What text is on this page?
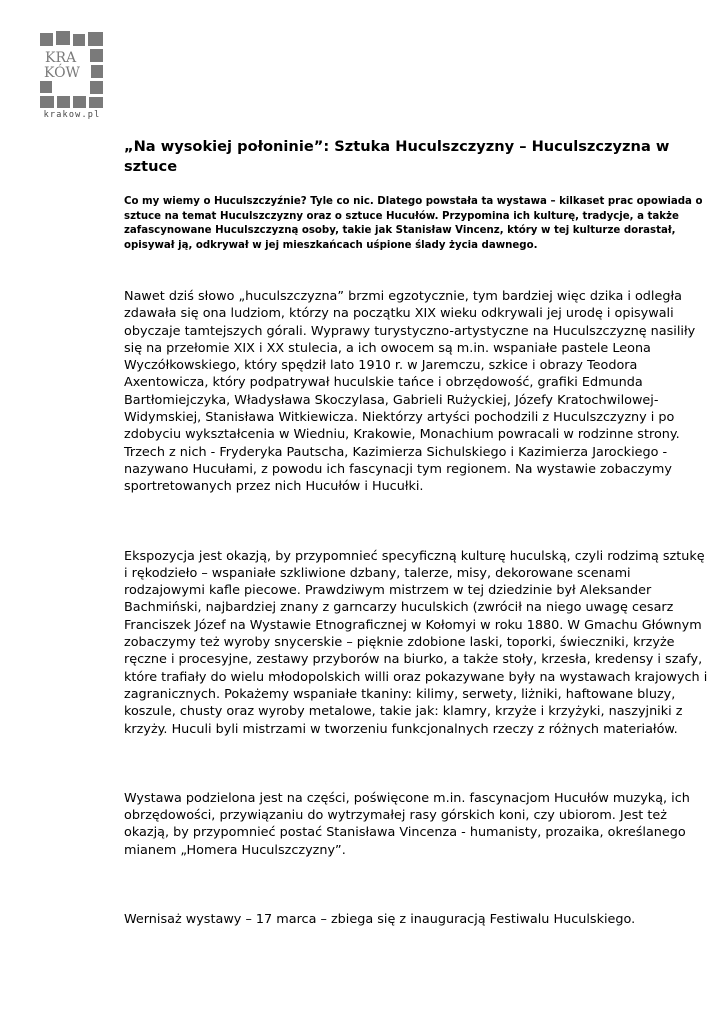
KRA
KÓW
krakow.pl
„Na wysokiej połoninie”: Sztuka Huculszczyzny – Huculszczyzna w sztuce

Co my wiemy o Huculszczyźnie? Tyle co nic. Dlatego powstała ta wystawa – kilkaset prac opowiada o sztuce na temat Huculszczyzny oraz o sztuce Hucułów. Przypomina ich kulturę, tradycje, a także zafascynowane Huculszczyzną osoby, takie jak Stanisław Vincenz, który w tej kulturze dorastał, opisywał ją, odkrywał w jej mieszkańcach uśpione ślady życia dawnego.

Nawet dziś słowo „huculszczyzna” brzmi egzotycznie, tym bardziej więc dzika i odległa zdawała się ona ludziom, którzy na początku XIX wieku odkrywali jej urodę i opisywali obyczaje tamtejszych górali. Wyprawy turystyczno-artystyczne na Huculszczyznę nasiliły się na przełomie XIX i XX stulecia, a ich owocem są m.in. wspaniałe pastele Leona Wyczółkowskiego, który spędził lato 1910 r. w Jaremczu, szkice i obrazy Teodora Axentowicza, który podpatrywał huculskie tańce i obrzędowość, grafiki Edmunda Bartłomiejczyka, Władysława Skoczylasa, Gabrieli Rużyckiej, Józefy Kratochwilowej-Widymskiej, Stanisława Witkiewicza. Niektórzy artyści pochodzili z Huculszczyzny i po zdobyciu wykształcenia w Wiedniu, Krakowie, Monachium powracali w rodzinne strony. Trzech z nich - Fryderyka Pautscha, Kazimierza Sichulskiego i Kazimierza Jarockiego - nazywano Hucułami, z powodu ich fascynacji tym regionem. Na wystawie zobaczymy sportretowanych przez nich Hucułów i Hucułki.

Ekspozycja jest okazją, by przypomnieć specyficzną kulturę huculską, czyli rodzimą sztukę i rękodzieło – wspaniałe szkliwione dzbany, talerze, misy, dekorowane scenami rodzajowymi kafle piecowe. Prawdziwym mistrzem w tej dziedzinie był Aleksander Bachmiński, najbardziej znany z garncarzy huculskich (zwrócił na niego uwagę cesarz Franciszek Józef na Wystawie Etnograficznej w Kołomyi w roku 1880. W Gmachu Głównym zobaczymy też wyroby snycerskie – pięknie zdobione laski, toporki, świeczniki, krzyże ręczne i procesyjne, zestawy przyborów na biurko, a także stoły, krzesła, kredensy i szafy, które trafiały do wielu młodopolskich willi oraz pokazywane były na wystawach krajowych i zagranicznych. Pokażemy wspaniałe tkaniny: kilimy, serwety, liżniki, haftowane bluzy, koszule, chusty oraz wyroby metalowe, takie jak: klamry, krzyże i krzyżyki, naszyjniki z krzyży. Huculi byli mistrzami w tworzeniu funkcjonalnych rzeczy z różnych materiałów.

Wystawa podzielona jest na części, poświęcone m.in. fascynacjom Hucułów muzyką, ich obrzędowości, przywiązaniu do wytrzymałej rasy górskich koni, czy ubiorom. Jest też okazją, by przypomnieć postać Stanisława Vincenza - humanisty, prozaika, określanego mianem „Homera Huculszczyzny”.

Wernisaż wystawy – 17 marca – zbiega się z inauguracją Festiwalu Huculskiego.
